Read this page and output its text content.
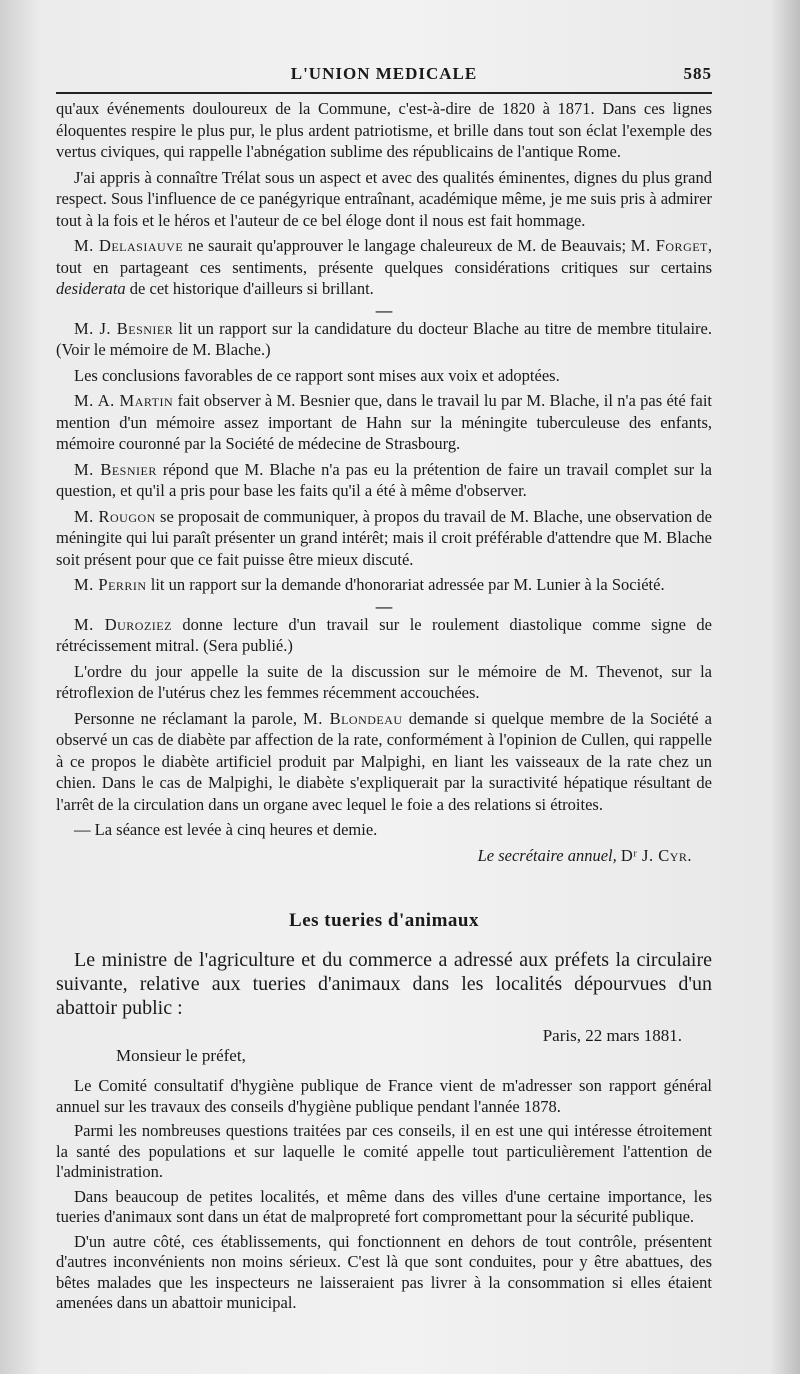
L'UNION MEDICALE	585

qu'aux événements douloureux de la Commune, c'est-à-dire de 1820 à 1871. Dans ces lignes éloquentes respire le plus pur, le plus ardent patriotisme, et brille dans tout son éclat l'exemple des vertus civiques, qui rappelle l'abnégation sublime des républicains de l'antique Rome.

J'ai appris à connaître Trélat sous un aspect et avec des qualités éminentes, dignes du plus grand respect. Sous l'influence de ce panégyrique entraînant, académique même, je me suis pris à admirer tout à la fois et le héros et l'auteur de ce bel éloge dont il nous est fait hommage.

M. Delasiauve ne saurait qu'approuver le langage chaleureux de M. de Beauvais; M. Forget, tout en partageant ces sentiments, présente quelques considérations critiques sur certains desiderata de cet historique d'ailleurs si brillant.

—

M. J. Besnier lit un rapport sur la candidature du docteur Blache au titre de membre titulaire. (Voir le mémoire de M. Blache.)

Les conclusions favorables de ce rapport sont mises aux voix et adoptées.

M. A. Martin fait observer à M. Besnier que, dans le travail lu par M. Blache, il n'a pas été fait mention d'un mémoire assez important de Hahn sur la méningite tuberculeuse des enfants, mémoire couronné par la Société de médecine de Strasbourg.

M. Besnier répond que M. Blache n'a pas eu la prétention de faire un travail complet sur la question, et qu'il a pris pour base les faits qu'il a été à même d'observer.

M. Rougon se proposait de communiquer, à propos du travail de M. Blache, une observation de méningite qui lui paraît présenter un grand intérêt; mais il croit préférable d'attendre que M. Blache soit présent pour que ce fait puisse être mieux discuté.

M. Perrin lit un rapport sur la demande d'honorariat adressée par M. Lunier à la Société.

—

M. Duroziez donne lecture d'un travail sur le roulement diastolique comme signe de rétrécissement mitral. (Sera publié.)

L'ordre du jour appelle la suite de la discussion sur le mémoire de M. Thevenot, sur la rétroflexion de l'utérus chez les femmes récemment accouchées.

Personne ne réclamant la parole, M. Blondeau demande si quelque membre de la Société a observé un cas de diabète par affection de la rate, conformément à l'opinion de Cullen, qui rappelle à ce propos le diabète artificiel produit par Malpighi, en liant les vaisseaux de la rate chez un chien. Dans le cas de Malpighi, le diabète s'expliquerait par la suractivité hépatique résultant de l'arrêt de la circulation dans un organe avec lequel le foie a des relations si étroites.

— La séance est levée à cinq heures et demie.

Le secrétaire annuel, Dʳ J. Cyr.
Les tueries d'animaux

Le ministre de l'agriculture et du commerce a adressé aux préfets la circulaire suivante, relative aux tueries d'animaux dans les localités dépourvues d'un abattoir public :

Paris, 22 mars 1881.
Monsieur le préfet,

Le Comité consultatif d'hygiène publique de France vient de m'adresser son rapport général annuel sur les travaux des conseils d'hygiène publique pendant l'année 1878.

Parmi les nombreuses questions traitées par ces conseils, il en est une qui intéresse étroitement la santé des populations et sur laquelle le comité appelle tout particulièrement l'attention de l'administration.

Dans beaucoup de petites localités, et même dans des villes d'une certaine importance, les tueries d'animaux sont dans un état de malpropreté fort compromettant pour la sécurité publique.

D'un autre côté, ces établissements, qui fonctionnent en dehors de tout contrôle, présentent d'autres inconvénients non moins sérieux. C'est là que sont conduites, pour y être abattues, des bêtes malades que les inspecteurs ne laisseraient pas livrer à la consommation si elles étaient amenées dans un abattoir municipal.
